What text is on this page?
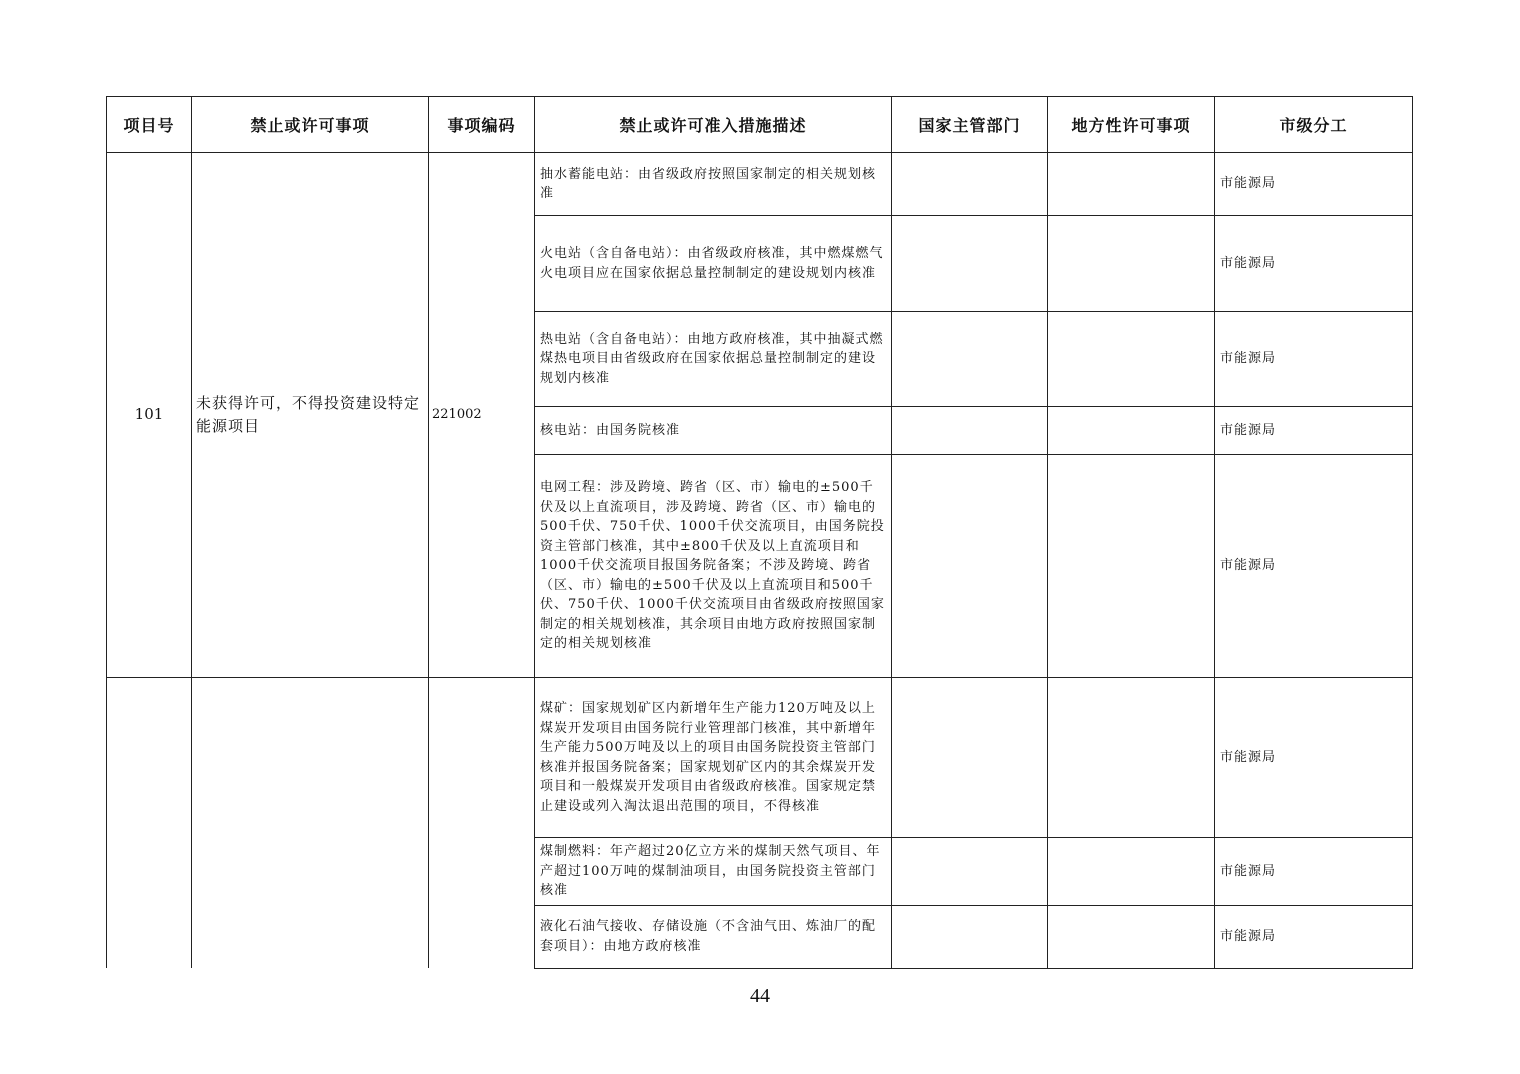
项目号	禁止或许可事项	事项编码	禁止或许可准入措施描述	国家主管部门	地方性许可事项	市级分工
101	未获得许可，不得投资建设特定能源项目	221002	抽水蓄能电站：由省级政府按照国家制定的相关规划核准			市能源局
			火电站（含自备电站）：由省级政府核准，其中燃煤燃气火电项目应在国家依据总量控制制定的建设规划内核准			市能源局
			热电站（含自备电站）：由地方政府核准，其中抽凝式燃煤热电项目由省级政府在国家依据总量控制制定的建设规划内核准			市能源局
			核电站：由国务院核准			市能源局
			电网工程：涉及跨境、跨省（区、市）输电的±500千伏及以上直流项目，涉及跨境、跨省（区、市）输电的500千伏、750千伏、1000千伏交流项目，由国务院投资主管部门核准，其中±800千伏及以上直流项目和1000千伏交流项目报国务院备案；不涉及跨境、跨省（区、市）输电的±500千伏及以上直流项目和500千伏、750千伏、1000千伏交流项目由省级政府按照国家制定的相关规划核准，其余项目由地方政府按照国家制定的相关规划核准			市能源局
			煤矿：国家规划矿区内新增年生产能力120万吨及以上煤炭开发项目由国务院行业管理部门核准，其中新增年生产能力500万吨及以上的项目由国务院投资主管部门核准并报国务院备案；国家规划矿区内的其余煤炭开发项目和一般煤炭开发项目由省级政府核准。国家规定禁止建设或列入淘汰退出范围的项目，不得核准			市能源局
			煤制燃料：年产超过20亿立方米的煤制天然气项目、年产超过100万吨的煤制油项目，由国务院投资主管部门核准			市能源局
			液化石油气接收、存储设施（不含油气田、炼油厂的配套项目）：由地方政府核准			市能源局
44
